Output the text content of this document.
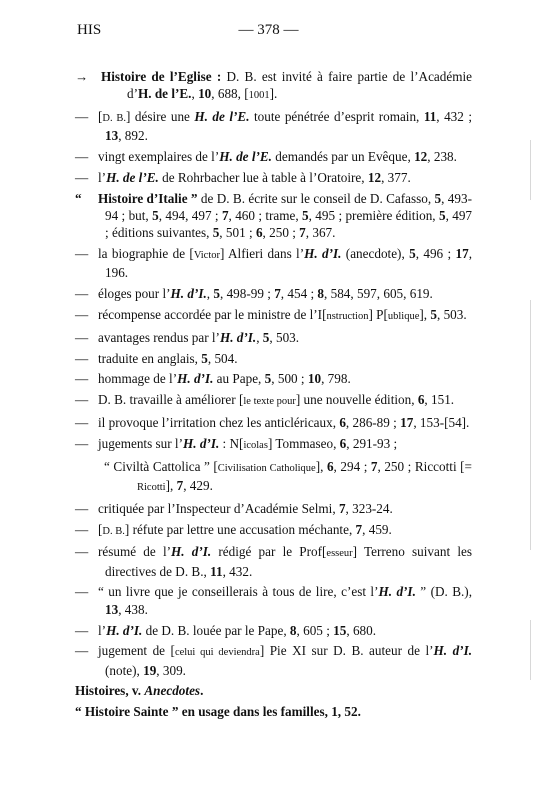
HIS	— 378 —

→ Histoire de l’Eglise : D. B. est invité à faire partie de l’Académie d’H. de l’E., 10, 688, [1001].

— [D. B.] désire une H. de l’E. toute pénétrée d’esprit romain, 11, 432 ; 13, 892.

— vingt exemplaires de l’H. de l’E. demandés par un Evêque, 12, 238.

— l’H. de l’E. de Rohrbacher lue à table à l’Oratoire, 12, 377.

“ Histoire d’Italie ” de D. B. écrite sur le conseil de D. Cafasso, 5, 493-94 ; but, 5, 494, 497 ; 7, 460 ; trame, 5, 495 ; première édition, 5, 497 ; éditions suivantes, 5, 501 ; 6, 250 ; 7, 367.

— la biographie de [Victor] Alfieri dans l’H. d’I. (anecdote), 5, 496 ; 17, 196.

— éloges pour l’H. d’I., 5, 498-99 ; 7, 454 ; 8, 584, 597, 605, 619.

— récompense accordée par le ministre de l’I[nstruction] P[ublique], 5, 503.

— avantages rendus par l’H. d’I., 5, 503.

— traduite en anglais, 5, 504.

— hommage de l’H. d’I. au Pape, 5, 500 ; 10, 798.

— D. B. travaille à améliorer [le texte pour] une nouvelle édition, 6, 151.

— il provoque l’irritation chez les anticléricaux, 6, 286-89 ; 17, 153-[54].

— jugements sur l’H. d’I. : N[icolas] Tommaseo, 6, 291-93 ;

“ Civiltà Cattolica ” [Civilisation Catholique], 6, 294 ; 7, 250 ; Riccotti [= Ricotti], 7, 429.

— critiquée par l’Inspecteur d’Académie Selmi, 7, 323-24.

— [D. B.] réfute par lettre une accusation méchante, 7, 459.

— résumé de l’H. d’I. rédigé par le Prof[esseur] Terreno suivant les directives de D. B., 11, 432.

— “ un livre que je conseillerais à tous de lire, c’est l’H. d’I. ” (D. B.), 13, 438.

— l’H. d’I. de D. B. louée par le Pape, 8, 605 ; 15, 680.

— jugement de [celui qui deviendra] Pie XI sur D. B. auteur de l’H. d’I. (note), 19, 309.

Histoires, v. Anecdotes.

“ Histoire Sainte ” en usage dans les familles, 1, 52.
